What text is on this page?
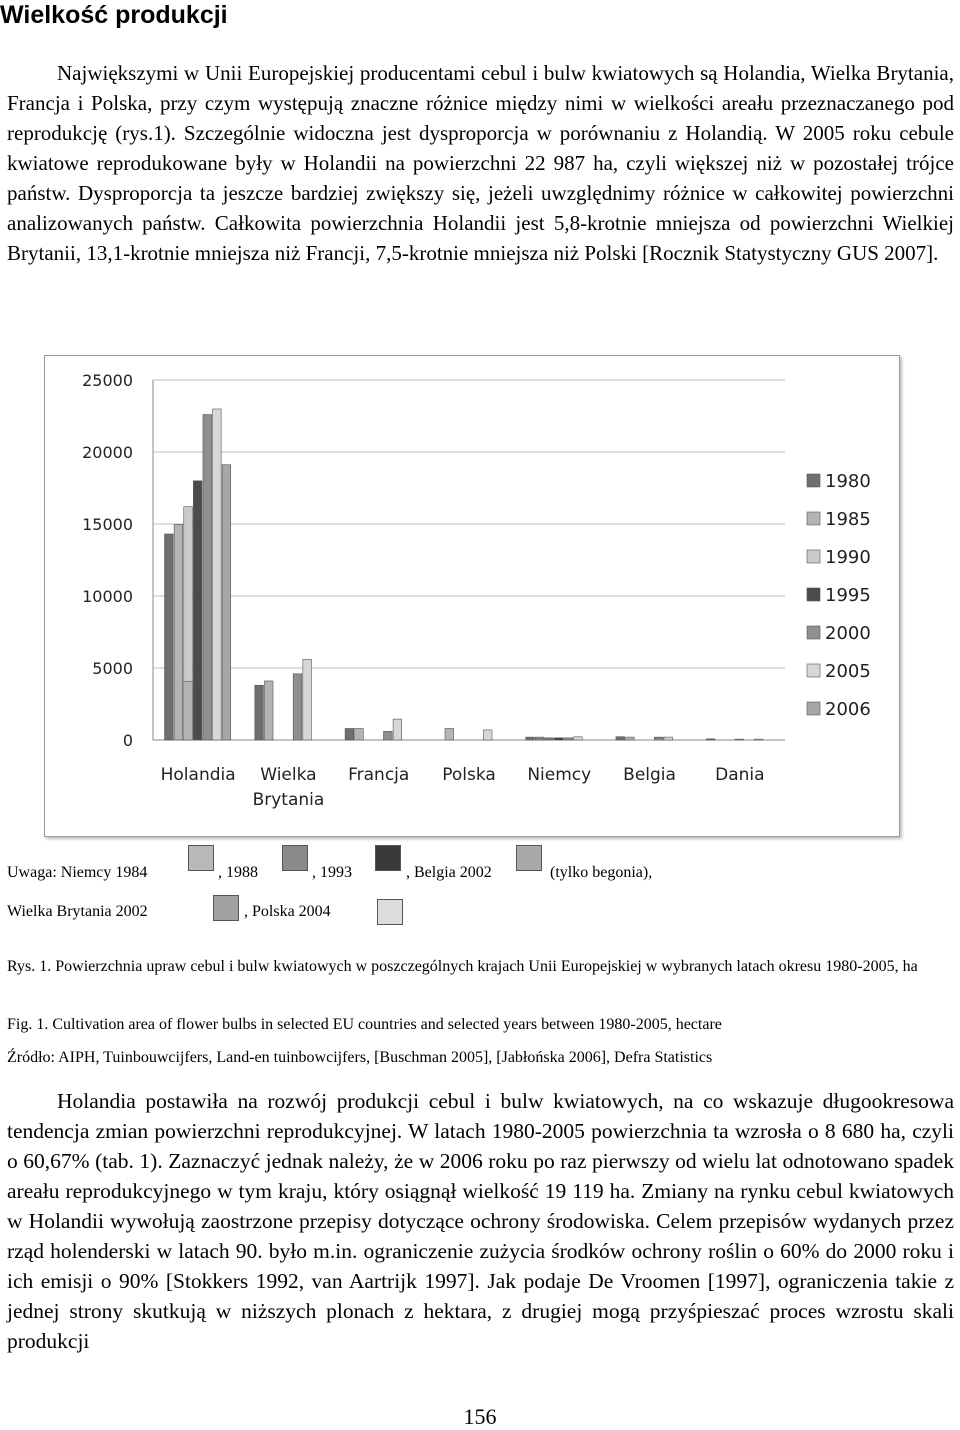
Wielkość produkcji

Największymi w Unii Europejskiej producentami cebul i bulw kwiatowych są Holandia, Wielka Brytania, Francja i Polska, przy czym występują znaczne różnice między nimi w wielkości areału przeznaczanego pod reprodukcję (rys.1). Szczególnie widoczna jest dysproporcja w porównaniu z Holandią. W 2005 roku cebule kwiatowe reprodukowane były w Holandii na powierzchni 22 987 ha, czyli większej niż w pozostałej trójce państw. Dysproporcja ta jeszcze bardziej zwiększy się, jeżeli uwzględnimy różnice w całkowitej powierzchni analizowanych państw. Całkowita powierzchnia Holandii jest 5,8-krotnie mniejsza od powierzchni Wielkiej Brytanii, 13,1-krotnie mniejsza niż Francji, 7,5-krotnie mniejsza niż Polski [Rocznik Statystyczny GUS 2007].

0
5000
10000
15000
20000
25000
Holandia	Wielka Brytania
Francja Polska Niemcy Belgia Dania
1980
1985
1990
1995
2000
2005
2006
Uwaga: Niemcy 1984	, 1988	, 1993	, Belgia 2002	(tylko begonia),
Wielka Brytania 2002	, Polska 2004

Rys. 1. Powierzchnia upraw cebul i bulw kwiatowych w poszczególnych krajach Unii Europejskiej w wybranych latach okresu 1980-2005, ha

Fig. 1. Cultivation area of flower bulbs in selected EU countries and selected years between 1980-2005, hectare

Źródło: AIPH, Tuinbouwcijfers, Land-en tuinbowcijfers, [Buschman 2005], [Jabłońska 2006], Defra Statistics

Holandia postawiła na rozwój produkcji cebul i bulw kwiatowych, na co wskazuje długookresowa tendencja zmian powierzchni reprodukcyjnej. W latach 1980-2005 powierzchnia ta wzrosła o 8 680 ha, czyli o 60,67% (tab. 1). Zaznaczyć jednak należy, że w 2006 roku po raz pierwszy od wielu lat odnotowano spadek areału reprodukcyjnego w tym kraju, który osiągnął wielkość 19 119 ha. Zmiany na rynku cebul kwiatowych w Holandii wywołują zaostrzone przepisy dotyczące ochrony środowiska. Celem przepisów wydanych przez rząd holenderski w latach 90. było m.in. ograniczenie zużycia środków ochrony roślin o 60% do 2000 roku i ich emisji o 90% [Stokkers 1992, van Aartrijk 1997]. Jak podaje De Vroomen [1997], ograniczenia takie z jednej strony skutkują w niższych plonach z hektara, z drugiej mogą przyśpieszać proces wzrostu skali produkcji

156
